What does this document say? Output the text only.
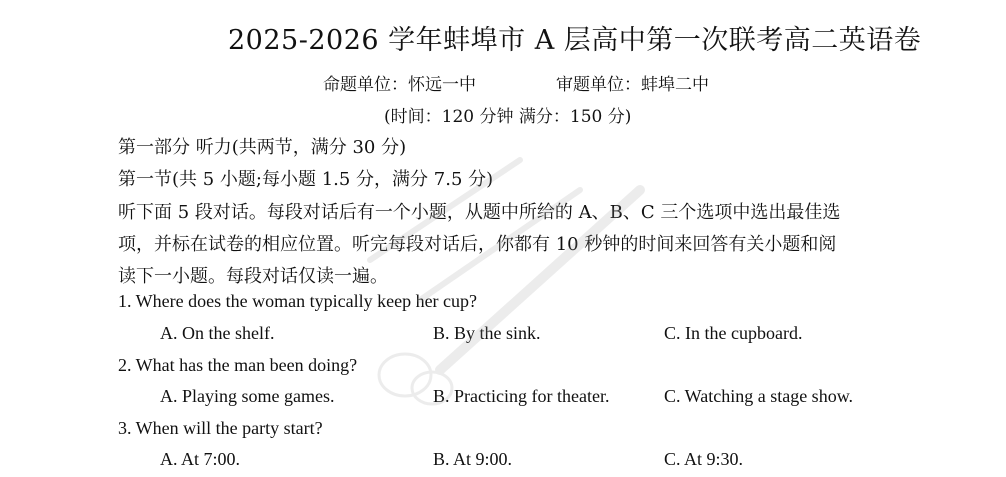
2025-2026 学年蚌埠市 A 层高中第一次联考高二英语卷
命题单位：怀远一中	审题单位：蚌埠二中
(时间：120 分钟 满分：150 分)
第一部分 听力(共两节，满分 30 分)
第一节(共 5 小题;每小题 1.5 分，满分 7.5 分)
听下面 5 段对话。每段对话后有一个小题，从题中所给的 A、B、C 三个选项中选出最佳选
项，并标在试卷的相应位置。听完每段对话后，你都有 10 秒钟的时间来回答有关小题和阅
读下一小题。每段对话仅读一遍。
1. Where does the woman typically keep her cup?
A. On the shelf.	B. By the sink.	C. In the cupboard.
2. What has the man been doing?
A. Playing some games.	B. Practicing for theater.	C. Watching a stage show.
3. When will the party start?
A. At 7:00.	B. At 9:00.	C. At 9:30.
